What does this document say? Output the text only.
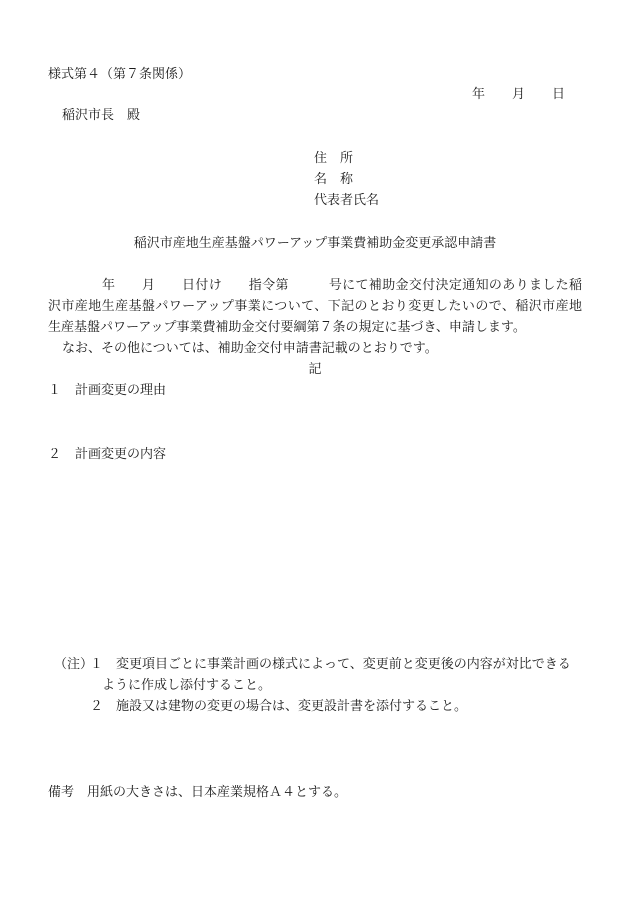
様式第４（第７条関係）
年 月 日
稲沢市長　殿
住　所
名　称
代表者氏名
稲沢市産地生産基盤パワーアップ事業費補助金変更承認申請書
年　　月　　日付け　　指令第　　　号にて補助金交付決定通知のありました稲
沢市産地生産基盤パワーアップ事業について、下記のとおり変更したいので、稲沢市産地
生産基盤パワーアップ事業費補助金交付要綱第７条の規定に基づき、申請します。
なお、その他については、補助金交付申請書記載のとおりです。
記
１ 計画変更の理由
２ 計画変更の内容
（注）
１ 変更項目ごとに事業計画の様式によって、変更前と変更後の内容が対比できる
ように作成し添付すること。
２ 施設又は建物の変更の場合は、変更設計書を添付すること。
備考　用紙の大きさは、日本産業規格Ａ４とする。
